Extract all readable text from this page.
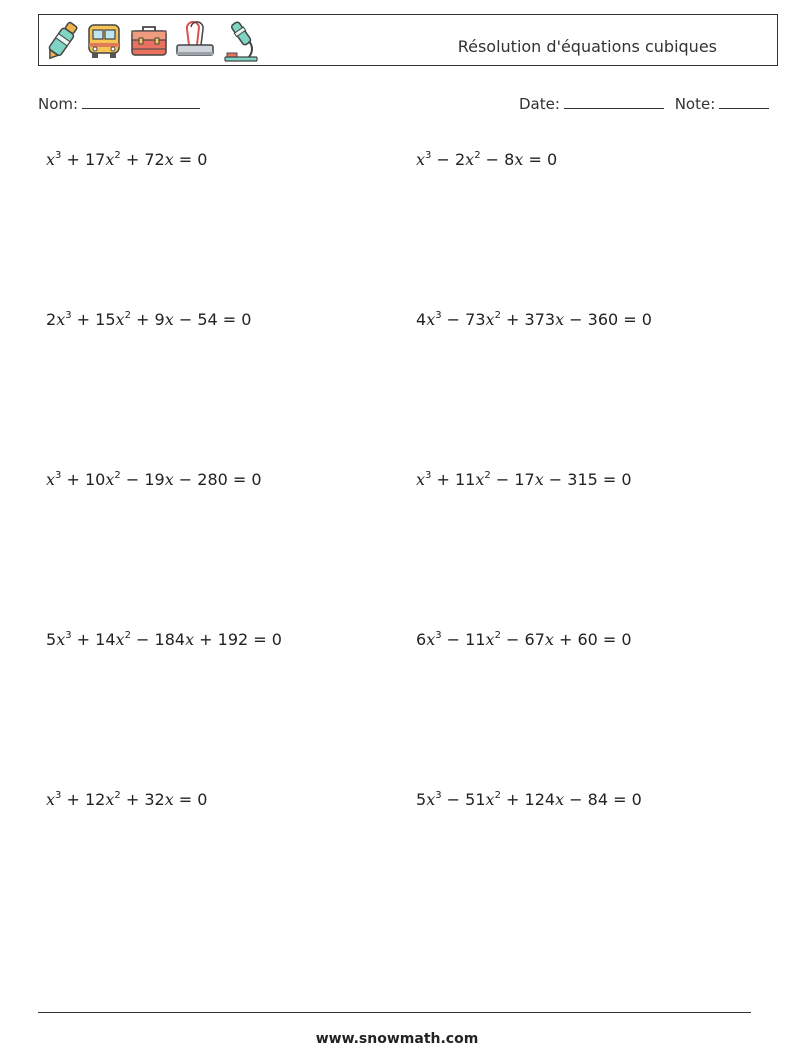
Résolution d'équations cubiques
Nom:	Date:	Note:
$x^3 + 17x^2 + 72x = 0$	$x^3 - 2x^2 - 8x = 0$
$2x^3 + 15x^2 + 9x - 54 = 0$	$4x^3 - 73x^2 + 373x - 360 = 0$
$x^3 + 10x^2 - 19x - 280 = 0$	$x^3 + 11x^2 - 17x - 315 = 0$
$5x^3 + 14x^2 - 184x + 192 = 0$	$6x^3 - 11x^2 - 67x + 60 = 0$
$x^3 + 12x^2 + 32x = 0$	$5x^3 - 51x^2 + 124x - 84 = 0$
www.snowmath.com
